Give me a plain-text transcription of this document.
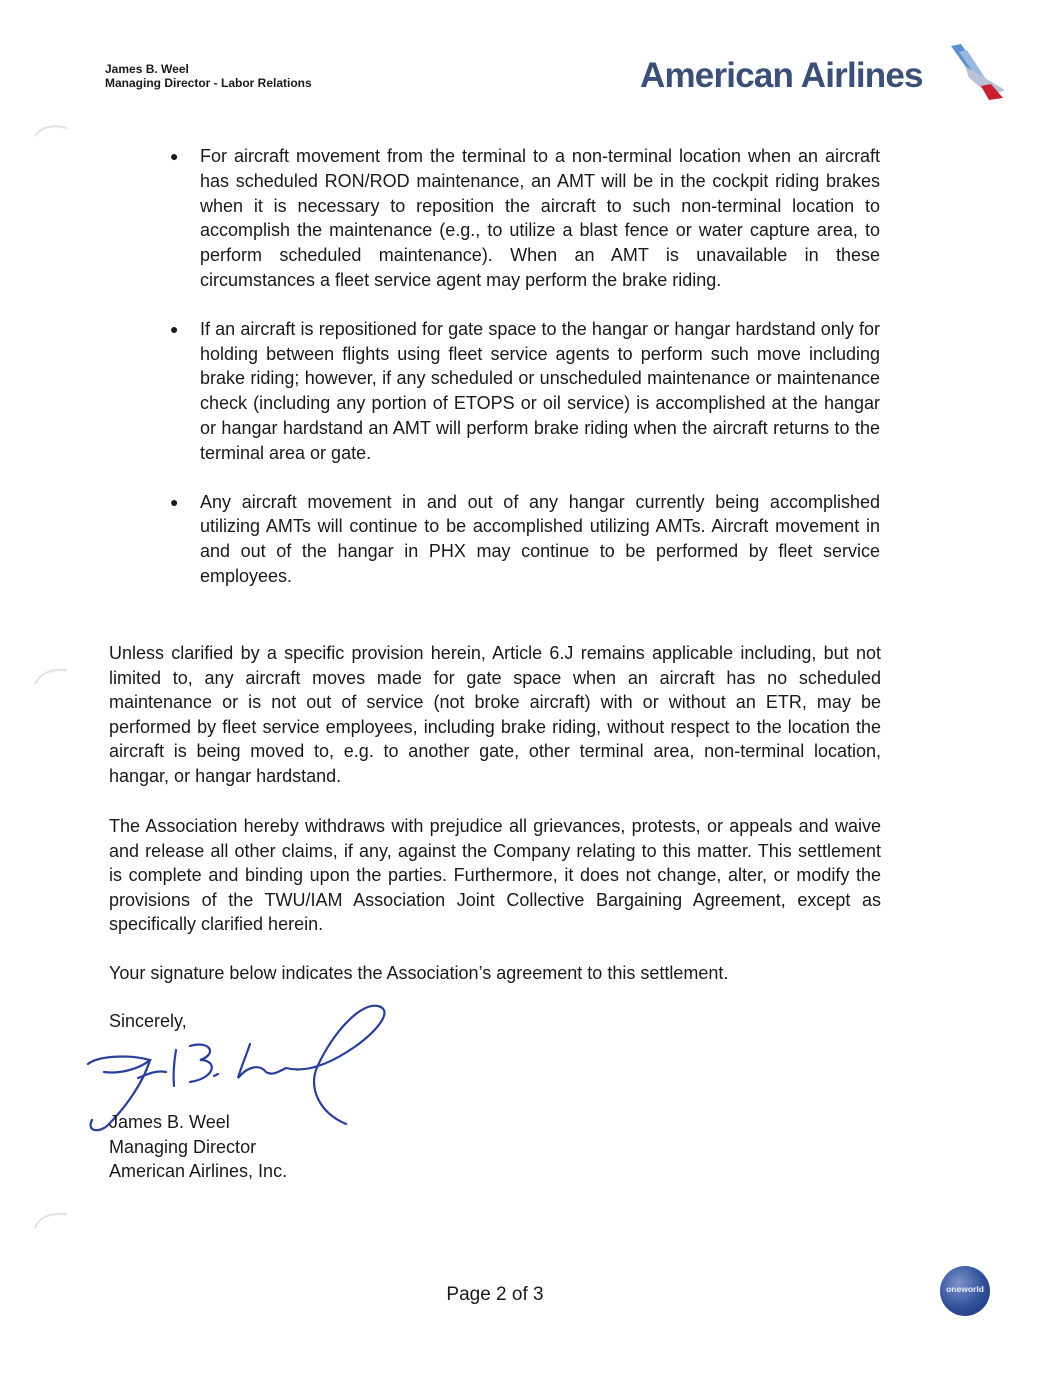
James B. Weel
Managing Director - Labor Relations	American Airlines
● For aircraft movement from the terminal to a non-terminal location when an aircraft has scheduled RON/ROD maintenance, an AMT will be in the cockpit riding brakes when it is necessary to reposition the aircraft to such non-terminal location to accomplish the maintenance (e.g., to utilize a blast fence or water capture area, to perform scheduled maintenance). When an AMT is unavailable in these circumstances a fleet service agent may perform the brake riding.
● If an aircraft is repositioned for gate space to the hangar or hangar hardstand only for holding between flights using fleet service agents to perform such move including brake riding; however, if any scheduled or unscheduled maintenance or maintenance check (including any portion of ETOPS or oil service) is accomplished at the hangar or hangar hardstand an AMT will perform brake riding when the aircraft returns to the terminal area or gate.
● Any aircraft movement in and out of any hangar currently being accomplished utilizing AMTs will continue to be accomplished utilizing AMTs. Aircraft movement in and out of the hangar in PHX may continue to be performed by fleet service employees.

Unless clarified by a specific provision herein, Article 6.J remains applicable including, but not limited to, any aircraft moves made for gate space when an aircraft has no scheduled maintenance or is not out of service (not broke aircraft) with or without an ETR, may be performed by fleet service employees, including brake riding, without respect to the location the aircraft is being moved to, e.g. to another gate, other terminal area, non-terminal location, hangar, or hangar hardstand.

The Association hereby withdraws with prejudice all grievances, protests, or appeals and waive and release all other claims, if any, against the Company relating to this matter. This settlement is complete and binding upon the parties. Furthermore, it does not change, alter, or modify the provisions of the TWU/IAM Association Joint Collective Bargaining Agreement, except as specifically clarified herein.

Your signature below indicates the Association’s agreement to this settlement.

Sincerely,
James B. Weel
Managing Director
American Airlines, Inc.
Page 2 of 3	oneworld
